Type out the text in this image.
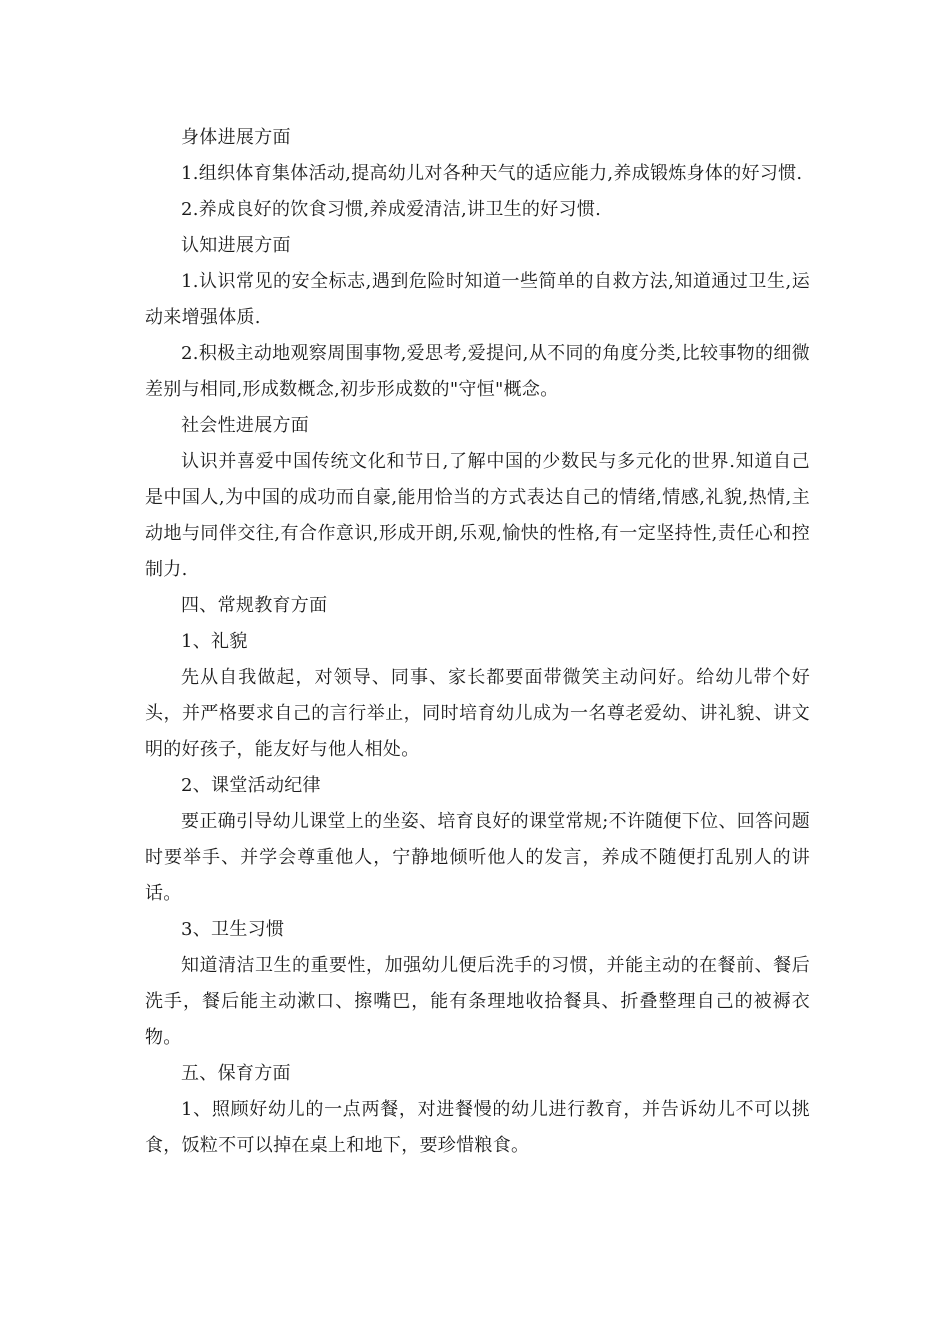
身体进展方面

1.组织体育集体活动,提高幼儿对各种天气的适应能力,养成锻炼身体的好习惯.

2.养成良好的饮食习惯,养成爱清洁,讲卫生的好习惯.

认知进展方面

1.认识常见的安全标志,遇到危险时知道一些简单的自救方法,知道通过卫生,运动来增强体质.

2.积极主动地观察周围事物,爱思考,爱提问,从不同的角度分类,比较事物的细微差别与相同,形成数概念,初步形成数的"守恒"概念。

社会性进展方面

认识并喜爱中国传统文化和节日,了解中国的少数民与多元化的世界.知道自己是中国人,为中国的成功而自豪,能用恰当的方式表达自己的情绪,情感,礼貌,热情,主动地与同伴交往,有合作意识,形成开朗,乐观,愉快的性格,有一定坚持性,责任心和控制力.

四、常规教育方面

1、礼貌

先从自我做起，对领导、同事、家长都要面带微笑主动问好。给幼儿带个好头，并严格要求自己的言行举止，同时培育幼儿成为一名尊老爱幼、讲礼貌、讲文明的好孩子，能友好与他人相处。

2、课堂活动纪律

要正确引导幼儿课堂上的坐姿、培育良好的课堂常规;不许随便下位、回答问题时要举手、并学会尊重他人，宁静地倾听他人的发言，养成不随便打乱别人的讲话。

3、卫生习惯

知道清洁卫生的重要性，加强幼儿便后洗手的习惯，并能主动的在餐前、餐后洗手，餐后能主动漱口、擦嘴巴，能有条理地收拾餐具、折叠整理自己的被褥衣物。

五、保育方面

1、照顾好幼儿的一点两餐，对进餐慢的幼儿进行教育，并告诉幼儿不可以挑食，饭粒不可以掉在桌上和地下，要珍惜粮食。
